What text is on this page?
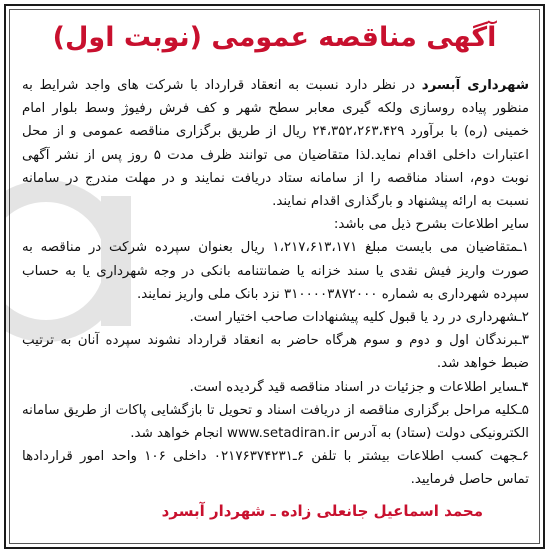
آگهی مناقصه عمومی (نوبت اول)

شهرداری آبسرد در نظر دارد نسبت به انعقاد قرارداد با شرکت های واجد شرایط به منظور پیاده روسازی ولکه گیری معابر سطح شهر و کف فرش رفیوژ وسط بلوار امام خمینی (ره) با برآورد ۲۴،۳۵۲،۲۶۳،۴۲۹ ریال از طریق برگزاری مناقصه عمومی و از محل اعتبارات داخلی اقدام نماید.لذا متقاضیان می توانند ظرف مدت ۵ روز پس از نشر آگهی نوبت دوم، اسناد مناقصه را از سامانه ستاد دریافت نمایند و در مهلت مندرج در سامانه نسبت به ارائه پیشنهاد و بارگذاری اقدام نمایند.

سایر اطلاعات بشرح ذیل می باشد:

۱ـمتقاضیان می بایست مبلغ ۱،۲۱۷،۶۱۳،۱۷۱ ریال بعنوان سپرده شرکت در مناقصه به صورت واریز فیش نقدی یا سند خزانه یا ضمانتنامه بانکی در وجه شهرداری یا به حساب سپرده شهرداری به شماره ۳۱۰۰۰۰۳۸۷۲۰۰۰ نزد بانک ملی واریز نمایند.

۲ـشهرداری در رد یا قبول کلیه پیشنهادات صاحب اختیار است.

۳ـبرندگان اول و دوم و سوم هرگاه حاضر به انعقاد قرارداد نشوند سپرده آنان به ترتیب ضبط خواهد شد.

۴ـسایر اطلاعات و جزئیات در اسناد مناقصه قید گردیده است.

۵ـکلیه مراحل برگزاری مناقصه از دریافت اسناد و تحویل تا بازگشایی پاکات از طریق سامانه الکترونیکی دولت (ستاد) به آدرس www.setadiran.ir انجام خواهد شد.

۶ـجهت کسب اطلاعات بیشتر با تلفن ۶ـ۰۲۱۷۶۳۷۴۲۳۱ داخلی ۱۰۶ واحد امور قراردادها تماس حاصل فرمایید.

محمد اسماعیل جانعلی زاده ـ شهردار آبسرد
